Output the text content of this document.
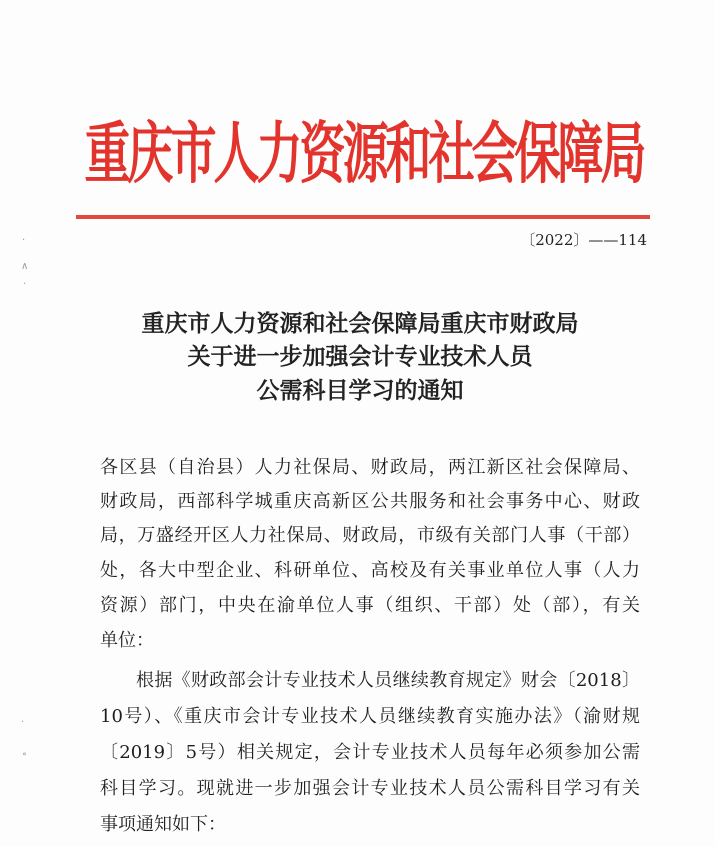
重庆市人力资源和社会保障局
〔2022〕——114
·
∧
·
·
∘
重庆市人力资源和社会保障局重庆市财政局
关于进一步加强会计专业技术人员
公需科目学习的通知
各区县（自治县）人力社保局、财政局，两江新区社会保障局、
财政局，西部科学城重庆高新区公共服务和社会事务中心、财政
局，万盛经开区人力社保局、财政局，市级有关部门人事（干部）
处，各大中型企业、科研单位、高校及有关事业单位人事（人力
资源）部门，中央在渝单位人事（组织、干部）处（部），有关
单位：
根据《财政部会计专业技术人员继续教育规定》财会〔2018〕
10号）、《重庆市会计专业技术人员继续教育实施办法》（渝财规
〔2019〕5号）相关规定，会计专业技术人员每年必须参加公需
科目学习。现就进一步加强会计专业技术人员公需科目学习有关
事项通知如下：
